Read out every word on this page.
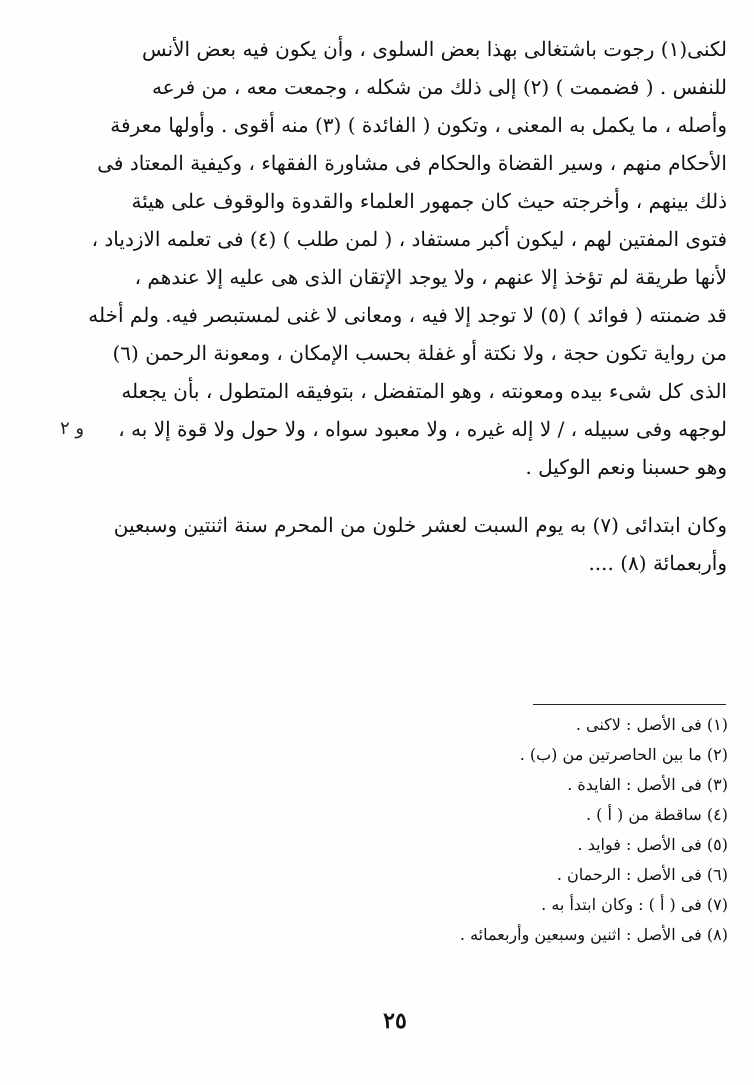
لكنى(١) رجوت باشتغالى بهذا بعض السلوى ، وأن يكون فيه بعض الأنس
للنفس . ( فضممت ) (٢) إلى ذلك من شكله ، وجمعت معه ، من فرعه
وأصله ، ما يكمل به المعنى ، وتكون ( الفائدة ) (٣) منه أقوى . وأولها معرفة
الأحكام منهم ، وسير القضاة والحكام فى مشاورة الفقهاء ، وكيفية المعتاد فى
ذلك بينهم ، وأخرجته حيث كان جمهور العلماء والقدوة والوقوف على هيئة
فتوى المفتين لهم ، ليكون أكبر مستفاد ، ( لمن طلب ) (٤) فى تعلمه الازدياد ،
لأنها طريقة لم تؤخذ إلا عنهم ، ولا يوجد الإتقان الذى هى عليه إلا عندهم ،
قد ضمنته ( فوائد ) (٥) لا توجد إلا فيه ، ومعانى لا غنى لمستبصر فيه. ولم أخله
من رواية تكون حجة ، ولا نكتة أو غفلة بحسب الإمكان ، ومعونة الرحمن (٦)
الذى كل شىء بيده ومعونته ، وهو المتفضل ، بتوفيقه المتطول ، بأن يجعله
لوجهه وفى سبيله ، / لا إله غيره ، ولا معبود سواه ، ولا حول ولا قوة إلا به ،
وهو حسبنا ونعم الوكيل .
وكان ابتدائى (٧) به يوم السبت لعشر خلون من المحرم سنة اثنتين وسبعين
وأربعمائة (٨) ....
و ٢
(١) فى الأصل : لاكنى .
(٢) ما بين الحاصرتين من (ب) .
(٣) فى الأصل : الفايدة .
(٤) ساقطة من ( أ ) .
(٥) فى الأصل : فوايد .
(٦) فى الأصل : الرحمان .
(٧) فى ( أ ) : وكان ابتدأ به .
(٨) فى الأصل : اثنين وسبعين وأربعمائه .
٢٥
